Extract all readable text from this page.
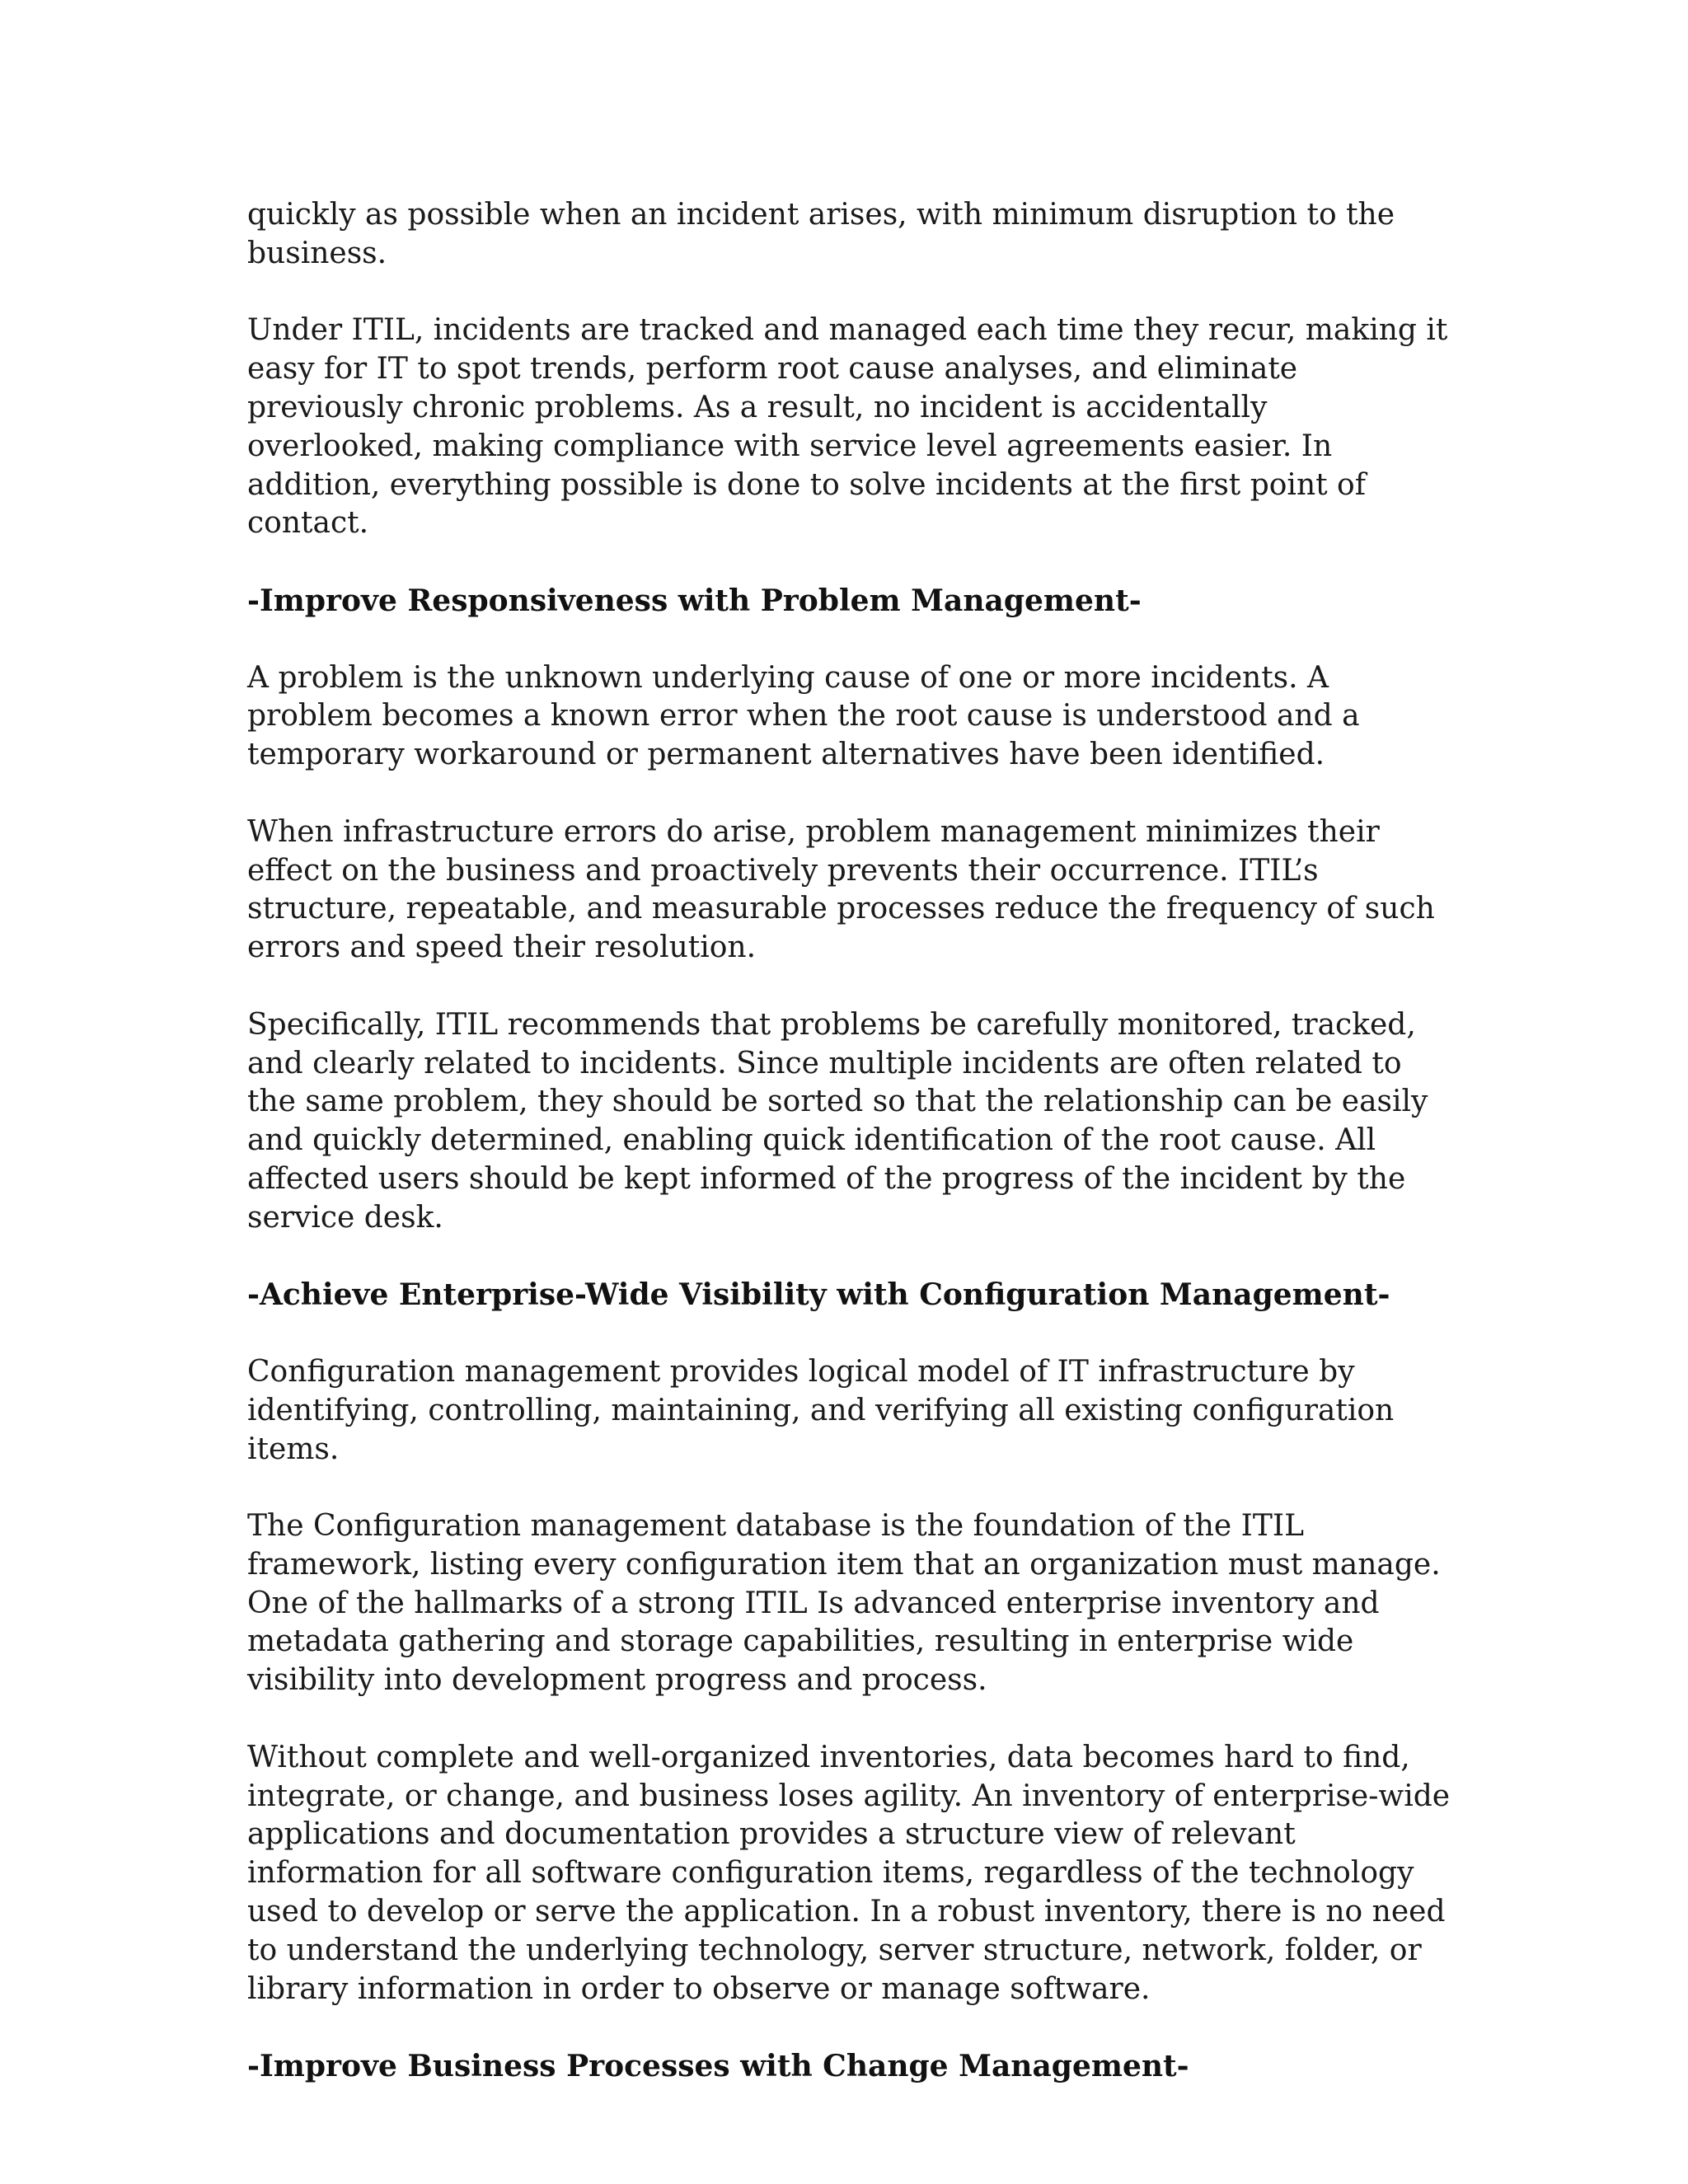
quickly as possible when an incident arises, with minimum disruption to the business.

Under ITIL, incidents are tracked and managed each time they recur, making it easy for IT to spot trends, perform root cause analyses, and eliminate previously chronic problems. As a result, no incident is accidentally overlooked, making compliance with service level agreements easier. In addition, everything possible is done to solve incidents at the first point of contact.

-Improve Responsiveness with Problem Management-

A problem is the unknown underlying cause of one or more incidents. A problem becomes a known error when the root cause is understood and a temporary workaround or permanent alternatives have been identified.

When infrastructure errors do arise, problem management minimizes their effect on the business and proactively prevents their occurrence. ITIL’s structure, repeatable, and measurable processes reduce the frequency of such errors and speed their resolution.

Specifically, ITIL recommends that problems be carefully monitored, tracked, and clearly related to incidents. Since multiple incidents are often related to the same problem, they should be sorted so that the relationship can be easily and quickly determined, enabling quick identification of the root cause. All affected users should be kept informed of the progress of the incident by the service desk.

-Achieve Enterprise-Wide Visibility with Configuration Management-

Configuration management provides logical model of IT infrastructure by identifying, controlling, maintaining, and verifying all existing configuration items.

The Configuration management database is the foundation of the ITIL framework, listing every configuration item that an organization must manage. One of the hallmarks of a strong ITIL Is advanced enterprise inventory and metadata gathering and storage capabilities, resulting in enterprise wide visibility into development progress and process.

Without complete and well-organized inventories, data becomes hard to find, integrate, or change, and business loses agility. An inventory of enterprise-wide applications and documentation provides a structure view of relevant information for all software configuration items, regardless of the technology used to develop or serve the application. In a robust inventory, there is no need to understand the underlying technology, server structure, network, folder, or library information in order to observe or manage software.

-Improve Business Processes with Change Management-
